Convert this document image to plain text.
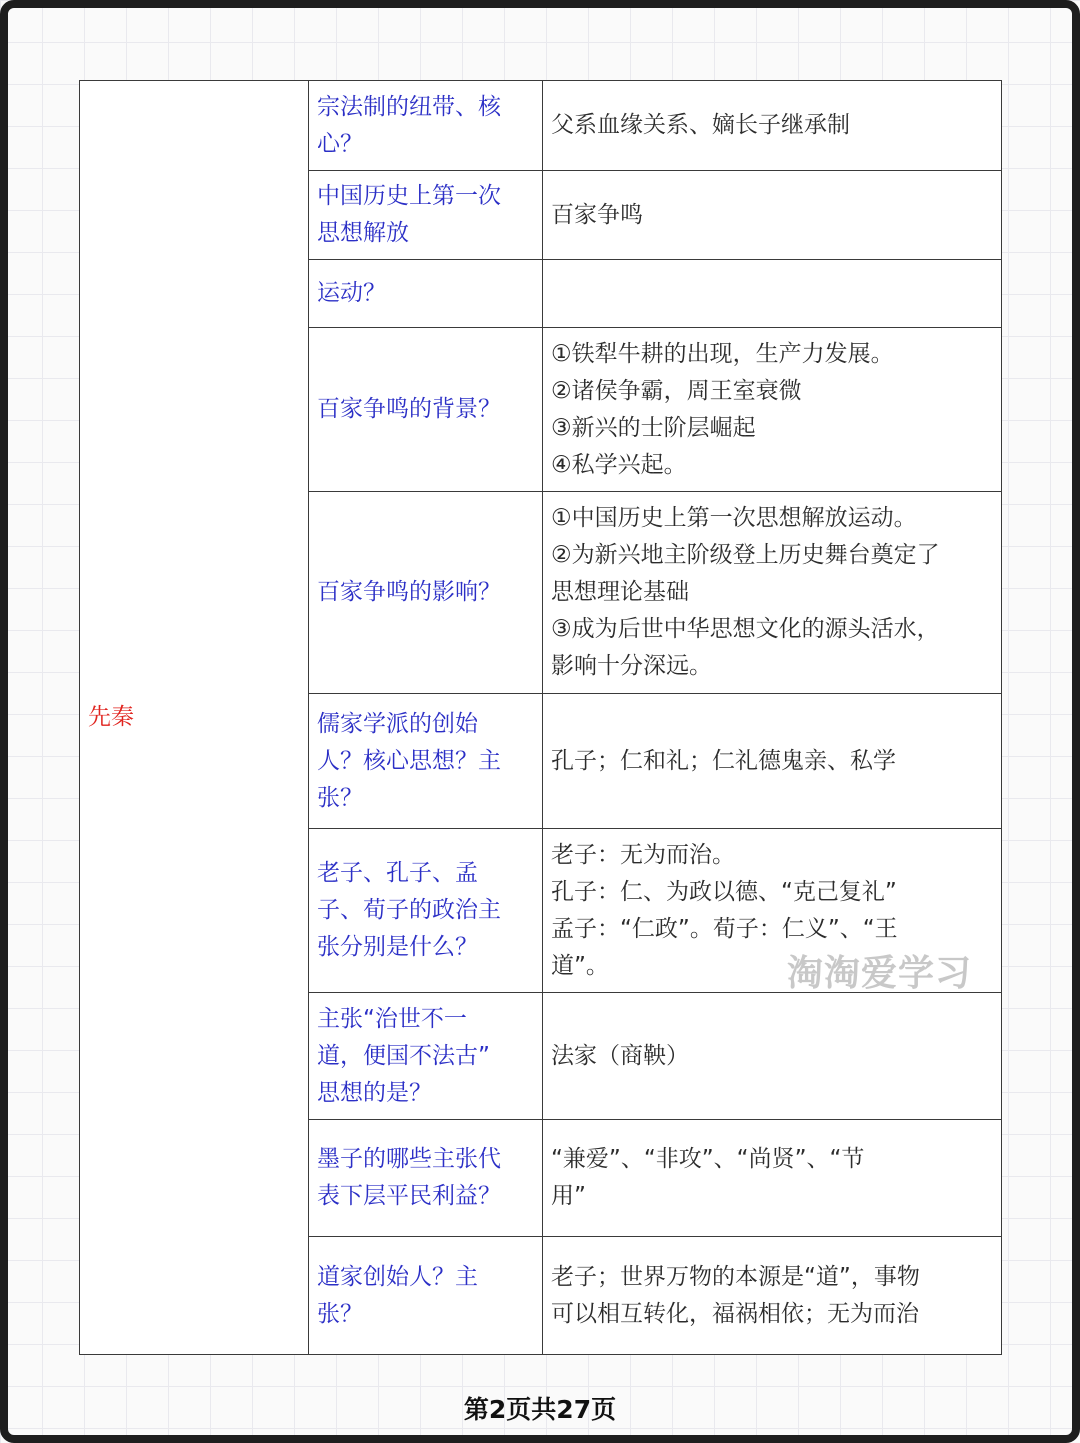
先秦	宗法制的纽带、核
心？	父系血缘关系、嫡长子继承制

	中国历史上第一次
思想解放	百家争鸣

	运动？	

	百家争鸣的背景？	①铁犁牛耕的出现，生产力发展。
②诸侯争霸，周王室衰微
③新兴的士阶层崛起
④私学兴起。

	百家争鸣的影响？	①中国历史上第一次思想解放运动。
②为新兴地主阶级登上历史舞台奠定了
思想理论基础
③成为后世中华思想文化的源头活水，
影响十分深远。

	儒家学派的创始
人？核心思想？主
张？	孔子；仁和礼；仁礼德鬼亲、私学

	老子、孔子、孟
子、荀子的政治主
张分别是什么？	老子：无为而治。
孔子：仁、为政以德、“克己复礼”
孟子：“仁政”。荀子：仁义”、“王
道”。

	主张“治世不一
道，便国不法古”
思想的是？	法家（商鞅）

	墨子的哪些主张代
表下层平民利益？	“兼爱”、“非攻”、“尚贤”、“节
用”

	道家创始人？主
张？	老子；世界万物的本源是“道”，事物
可以相互转化，福祸相依；无为而治
淘淘爱学习
第2页共27页
